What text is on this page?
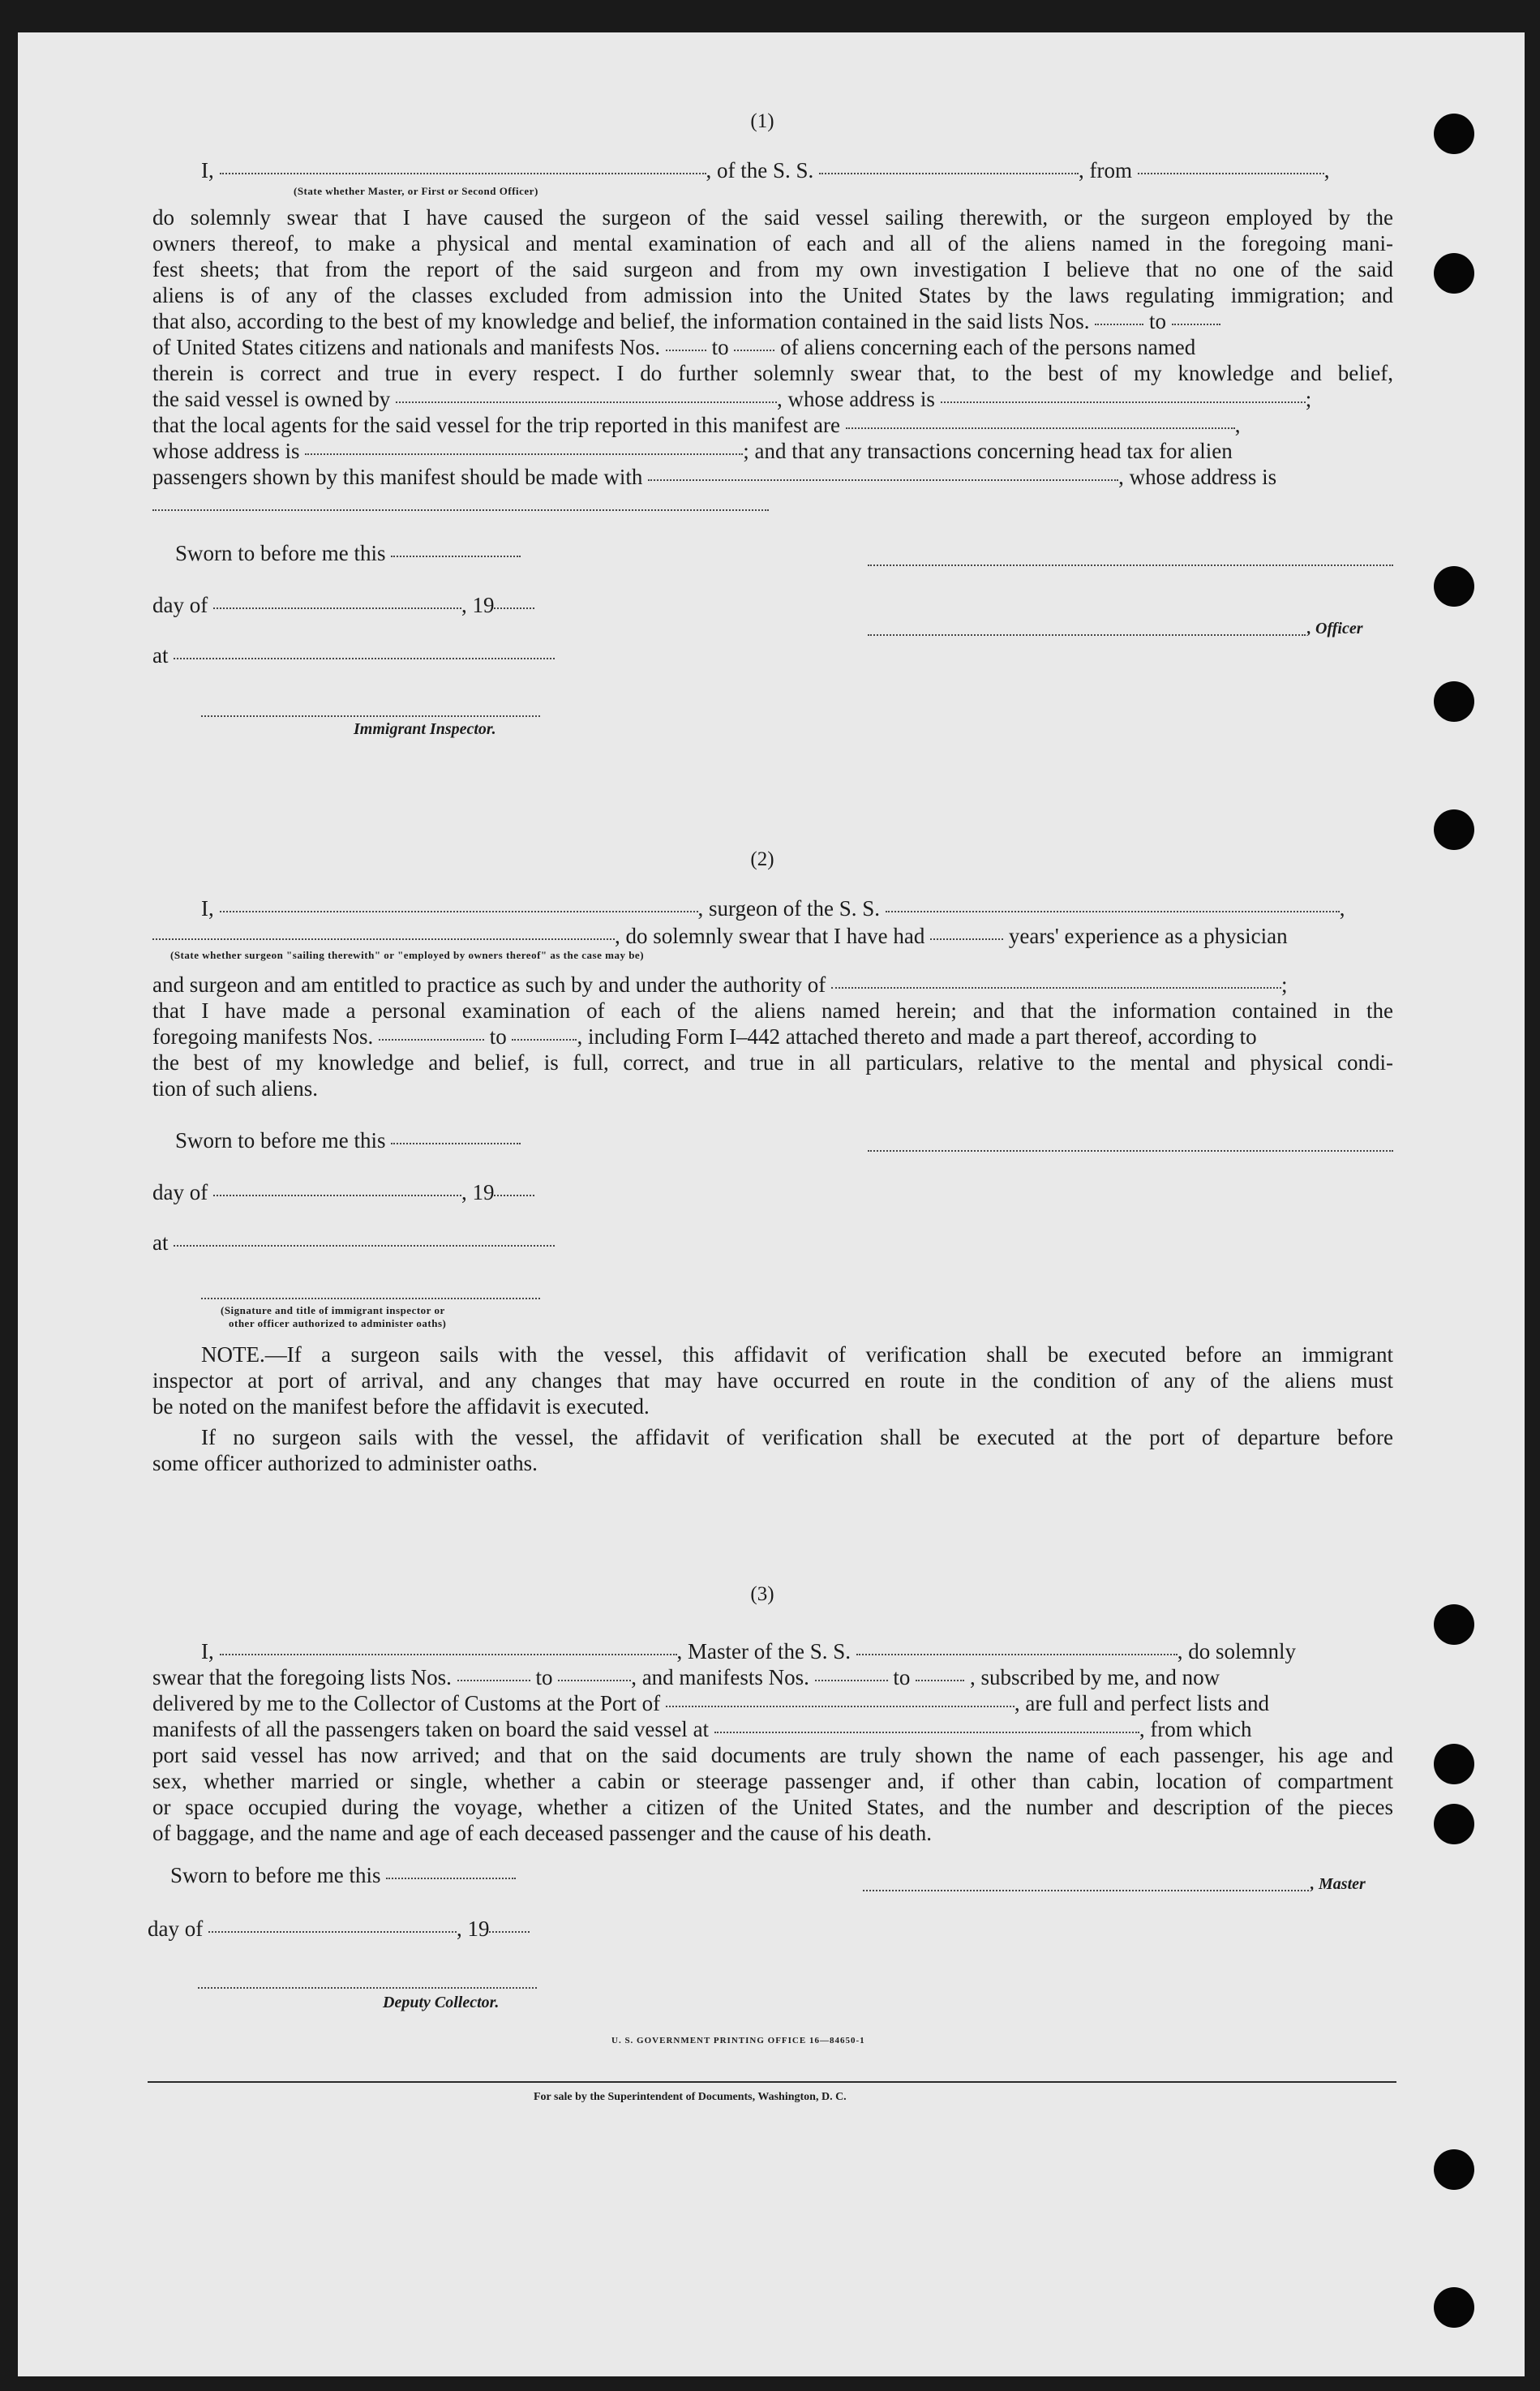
(1)
I,	, of the S. S.	, from	,
(State whether Master, or First or Second Officer)
do solemnly swear that I have caused the surgeon of the said vessel sailing therewith, or the surgeon employed by the
owners thereof, to make a physical and mental examination of each and all of the aliens named in the foregoing mani-
fest sheets; that from the report of the said surgeon and from my own investigation I believe that no one of the said
aliens is of any of the classes excluded from admission into the United States by the laws regulating immigration; and
that also, according to the best of my knowledge and belief, the information contained in the said lists Nos.	to
of United States citizens and nationals and manifests Nos. to of aliens concerning each of the persons named
therein is correct and true in every respect. I do further solemnly swear that, to the best of my knowledge and belief,
the said vessel is owned by	, whose address is	;
that the local agents for the said vessel for the trip reported in this manifest are	,
whose address is	; and that any transactions concerning head tax for alien
passengers shown by this manifest should be made with	, whose address is
Sworn to before me this
day of	, 19
, Officer
at
Immigrant Inspector.
(2)
I,	, surgeon of the S. S.	,
, do solemnly swear that I have had	years' experience as a physician
(State whether surgeon "sailing therewith" or "employed by owners thereof" as the case may be)
and surgeon and am entitled to practice as such by and under the authority of	;
that I have made a personal examination of each of the aliens named herein; and that the information contained in the
foregoing manifests Nos.	to	, including Form I–442 attached thereto and made a part thereof, according to
the best of my knowledge and belief, is full, correct, and true in all particulars, relative to the mental and physical condi-
tion of such aliens.
Sworn to before me this
day of	, 19
at
(Signature and title of immigrant inspector or
other officer authorized to administer oaths)
NOTE.—If a surgeon sails with the vessel, this affidavit of verification shall be executed before an immigrant
inspector at port of arrival, and any changes that may have occurred en route in the condition of any of the aliens must
be noted on the manifest before the affidavit is executed.
If no surgeon sails with the vessel, the affidavit of verification shall be executed at the port of departure before
some officer authorized to administer oaths.
(3)
I,	, Master of the S. S.	, do solemnly
swear that the foregoing lists Nos.	to	, and manifests Nos.	to	, subscribed by me, and now
delivered by me to the Collector of Customs at the Port of	, are full and perfect lists and
manifests of all the passengers taken on board the said vessel at	, from which
port said vessel has now arrived; and that on the said documents are truly shown the name of each passenger, his age and
sex, whether married or single, whether a cabin or steerage passenger and, if other than cabin, location of compartment
or space occupied during the voyage, whether a citizen of the United States, and the number and description of the pieces
of baggage, and the name and age of each deceased passenger and the cause of his death.
Sworn to before me this	, Master
day of	, 19
Deputy Collector.
U. S. GOVERNMENT PRINTING OFFICE 16—84650-1
For sale by the Superintendent of Documents, Washington, D. C.
